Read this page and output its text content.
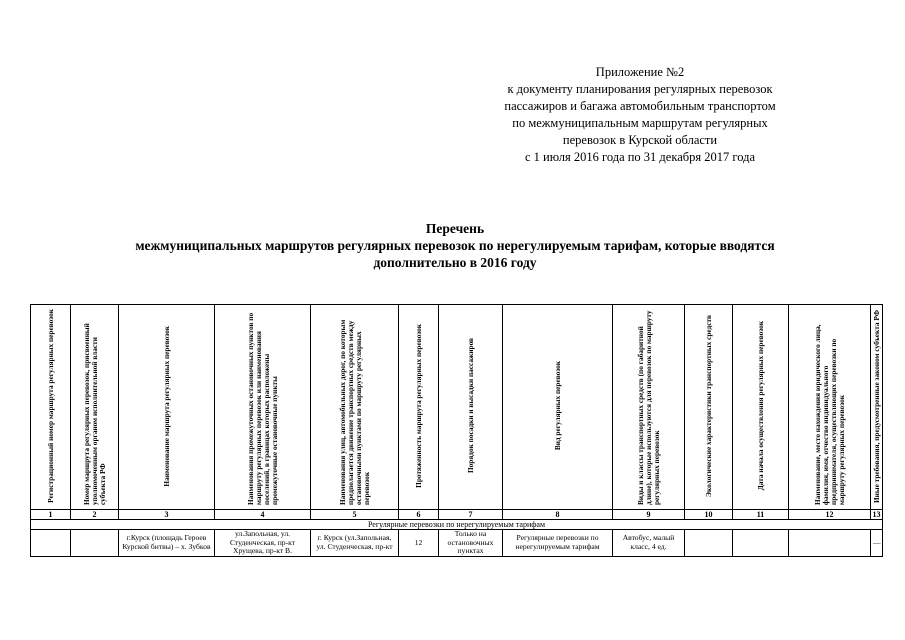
Приложение №2
к документу планирования регулярных перевозок
пассажиров и багажа автомобильным транспортом
по межмуниципальным маршрутам регулярных
перевозок в Курской области
с 1 июля 2016 года по 31 декабря 2017 года
Перечень
межмуниципальных маршрутов регулярных перевозок по нерегулируемым тарифам, которые вводятся
дополнительно в 2016 году
Регистрационный номер маршрута регулярных перевозок	Номер маршрута регулярных перевозок, присвоенный уполномоченным органом исполнительной власти субъекта РФ	Наименование маршрута регулярных перевозок	Наименования промежуточных остановочных пунктов по маршруту регулярных перевозок или наименования поселений, в границах которых расположены промежуточные остановочные пункты	Наименования улиц, автомобильных дорог, по которым предполагается движение транспортных средств между остановочными пунктами по маршруту регулярных перевозок	Протяженность маршрута регулярных перевозок	Порядок посадки и высадки пассажиров	Вид регулярных перевозок	Виды и классы транспортных средств (по габаритной длине), которые используются для перевозок по маршруту регулярных перевозок	Экологические характеристики транспортных средств	Дата начала осуществления регулярных перевозок	Наименование, место нахождения юридического лица, фамилия, имя, отчество индивидуального предпринимателя, осуществляющих перевозки по маршруту регулярных перевозок	Иные требования, предусмотренные законом субъекта РФ
1	2	3	4	5	6	7	8	9	10	11	12	13
Регулярные перевозки по нерегулируемым тарифам												
		г.Курск (площадь Героев Курской битвы) – х. Зубков	ул.Запольная, ул. Студенческая, пр-кт Хрущева, пр-кт В.	г. Курск (ул.Запольная, ул. Студенческая, пр-кт	12	Только на остановочных пунктах	Регулярные перевозки по нерегулируемым тарифам	Автобус, малый класс, 4 ед.				—
